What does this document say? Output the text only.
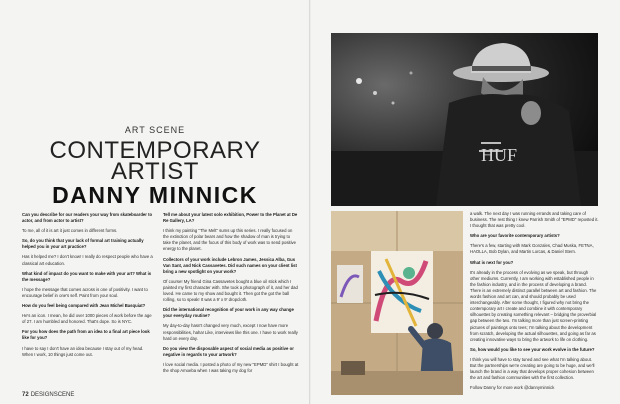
ART SCENE
CONTEMPORARY
ARTIST
DANNY MINNICK

Can you describe for our readers your way from skateboarder to actor, and from actor to artist?

To me, all of it is art it just comes in different forms.

So, do you think that your lack of formal art training actually helped you in your art practice?

Has it helped me? I don't know! I really do respect people who have a classical art education.

What kind of impact do you want to make with your art? What is the message?

I hope the message that comes across is one of positivity. I want to encourage belief in one's self. Paint from your soul.

How do you feel being compared with Jean Michel Basquiat?

He's an icon. I mean, he did over 1000 pieces of work before the age of 27. I am humbled and honored. That's dope. So is NYC.

For you how does the path from an idea to a final art piece look like for you?

I have to say I don't have an idea because I stay out of my head. When I work, 10 things just come out.

Tell me about your latest solo exhibition, Power to the Planet at De Re Gallery, LA?

I think my painting "The Melt" sums up this series. I really focused on the extinction of polar bears and how the shadow of man is trying to take the planet, and the focus of this body of work was to send positive energy to the planet.

Collectors of your work include Lebron James, Jessica Alba, Gus Van Sant, and Nick Cassavetes. Did such names on your client list bring a new spotlight on your work?

Of course! My friend Gina Cassavetes bought a blue oil stick which I painted my first character with. She took a photograph of it, and her dad loved. He came to my show and bought it. Then got the got the ball rolling, so to speak! It was a 9' x 9' dropcloth.

Did the international recognition of your work in any way change your everyday routine?

My day-to-day hasn't changed very much, except I now have more responsibilities, haha! Like, interviews like this one. I have to work really hard on every day.

Do you view the disposable aspect of social media as positive or negative in regards to your artwork?

I love social media. I posted a photo of my new "EPMD" shirt I bought at the shop Amoeba when I was taking my dog for

a walk. The next day I was running errands and taking care of business. The rest thing I knew Parrish Smith of "EPMD" reposted it. I thought that was pretty cool.

Who are your favorite contemporary artists?

There's a few, starting with Mark Gonzales, Chad Muska, FETNA, HAOLLA, Bob Dylan, and Martin Lorcas, & Daniel Stern.

What is next for you?

It's already in the process of evolving as we speak, but through other mediums. Currently, I am working with established people in the fashion industry, and in the process of developing a brand. There is an extremely distinct parallel between art and fashion. The words fashion and art can, and should probably be used interchangeably. After some thought, I figured why not bring the contemporary art I create and combine it with contemporary silhouettes by creating something relevant – bridging the proverbial gap between the two. I'm talking more than just screen-printing pictures of paintings onto tees; I'm talking about the development from scratch, developing the actual silhouettes, and going as far as creating innovative ways to bring the artwork to life on clothing.

So, how would you like to see your work evolve in the future?

I think you will have to stay tuned and see what I'm talking about. But the partnerships we're creating are going to be huge, and we'll launch the brand in a way that develops proper cohesion between the art and fashion communities with the first collection.

Follow Danny for more work @dannyminnick

72 DESIGNSCENE
HUF
